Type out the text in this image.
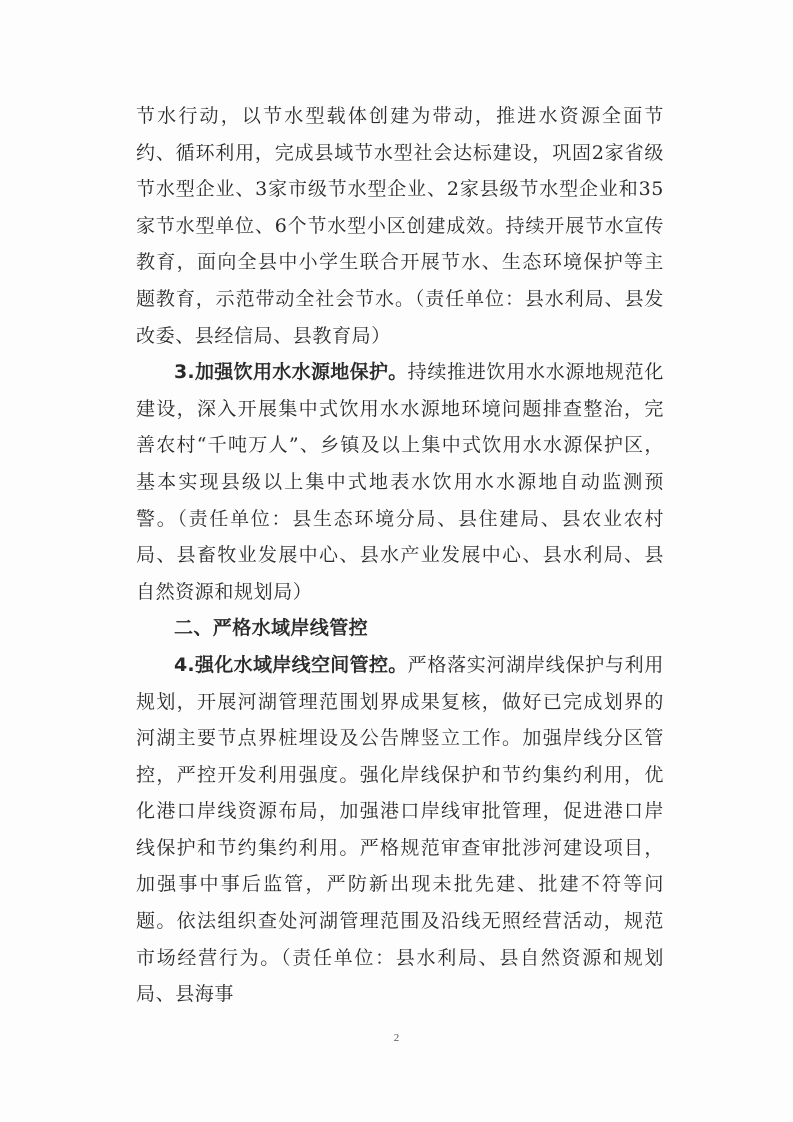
节水行动，以节水型载体创建为带动，推进水资源全面节约、循环利用，完成县域节水型社会达标建设，巩固2家省级节水型企业、3家市级节水型企业、2家县级节水型企业和35家节水型单位、6个节水型小区创建成效。持续开展节水宣传教育，面向全县中小学生联合开展节水、生态环境保护等主题教育，示范带动全社会节水。（责任单位：县水利局、县发改委、县经信局、县教育局）

3.加强饮用水水源地保护。持续推进饮用水水源地规范化建设，深入开展集中式饮用水水源地环境问题排查整治，完善农村“千吨万人”、乡镇及以上集中式饮用水水源保护区，基本实现县级以上集中式地表水饮用水水源地自动监测预警。（责任单位：县生态环境分局、县住建局、县农业农村局、县畜牧业发展中心、县水产业发展中心、县水利局、县自然资源和规划局）

二、严格水域岸线管控

4.强化水域岸线空间管控。严格落实河湖岸线保护与利用规划，开展河湖管理范围划界成果复核，做好已完成划界的河湖主要节点界桩埋设及公告牌竖立工作。加强岸线分区管控，严控开发利用强度。强化岸线保护和节约集约利用，优化港口岸线资源布局，加强港口岸线审批管理，促进港口岸线保护和节约集约利用。严格规范审查审批涉河建设项目，加强事中事后监管，严防新出现未批先建、批建不符等问题。依法组织查处河湖管理范围及沿线无照经营活动，规范市场经营行为。（责任单位：县水利局、县自然资源和规划局、县海事

2
